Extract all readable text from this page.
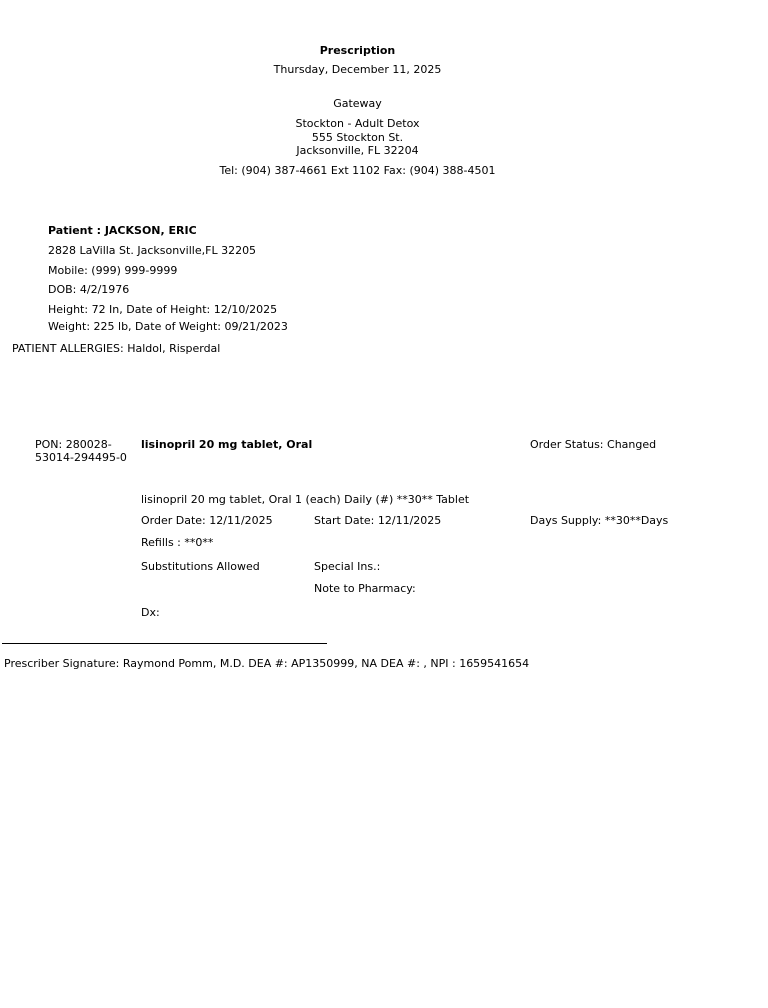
Prescription
Thursday, December 11, 2025
Gateway
Stockton - Adult Detox
555 Stockton St.
Jacksonville, FL 32204
Tel: (904) 387-4661 Ext 1102 Fax: (904) 388-4501
Patient : JACKSON, ERIC
2828 LaVilla St. Jacksonville,FL 32205
Mobile: (999) 999-9999
DOB: 4/2/1976
Height: 72 In, Date of Height: 12/10/2025
Weight: 225 lb, Date of Weight: 09/21/2023
PATIENT ALLERGIES: Haldol, Risperdal
PON: 280028-53014-294495-0
lisinopril 20 mg tablet, Oral	Order Status: Changed
lisinopril 20 mg tablet, Oral 1 (each) Daily (#) **30** Tablet
Order Date: 12/11/2025	Start Date: 12/11/2025	Days Supply: **30**Days
Refills : **0**
Substitutions Allowed	Special Ins.:
Note to Pharmacy:
Dx:
Prescriber Signature: Raymond Pomm, M.D. DEA #: AP1350999, NA DEA #: , NPI : 1659541654
